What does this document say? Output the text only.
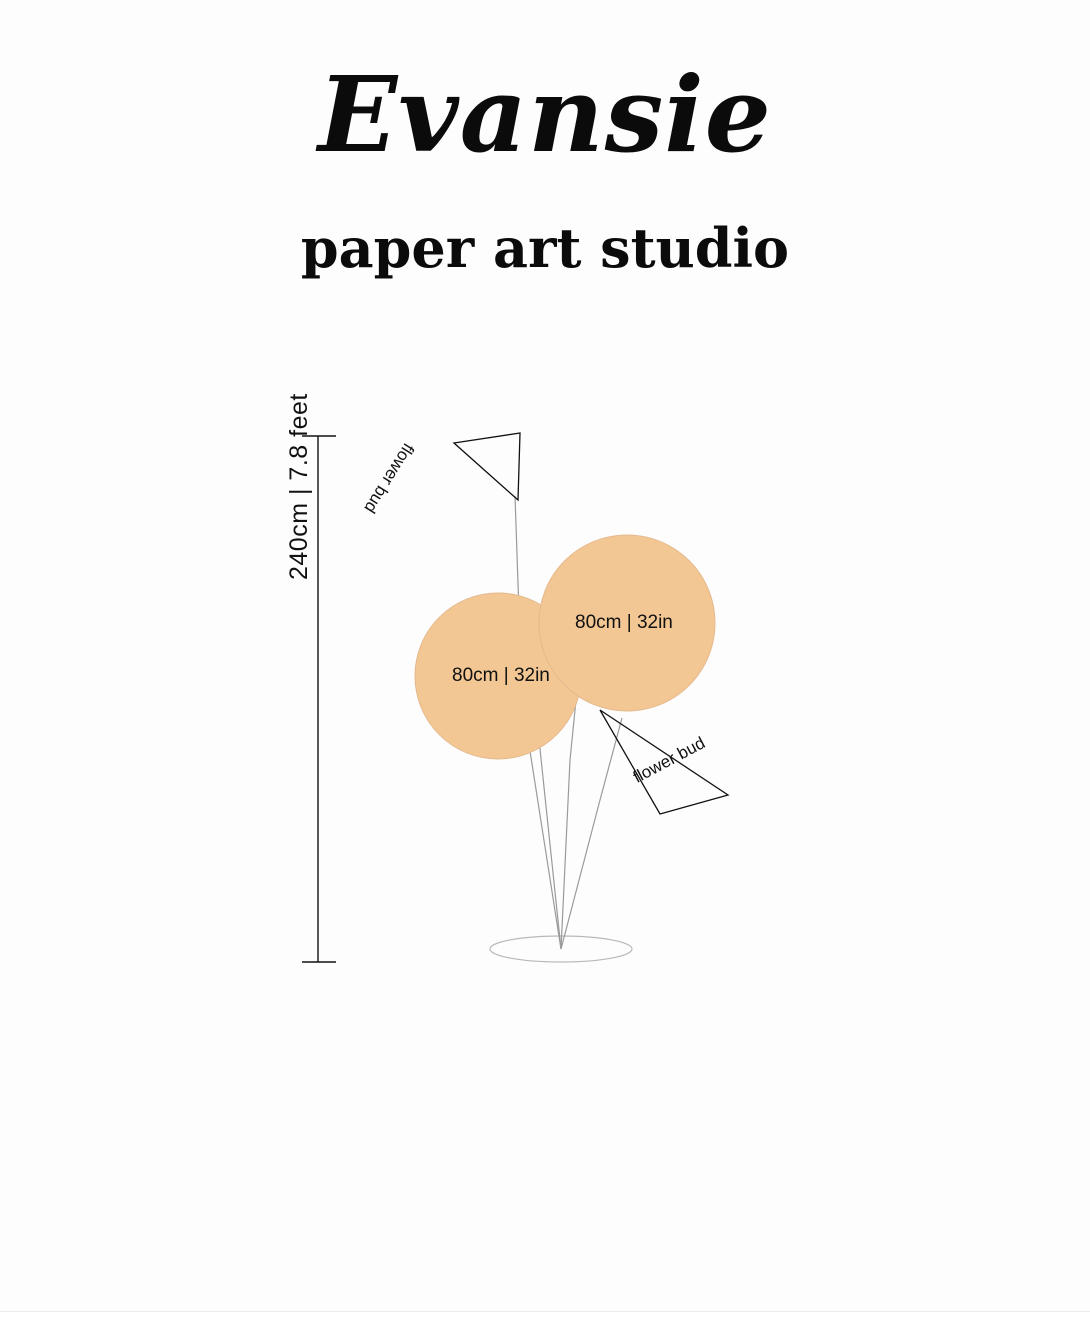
Evansie
paper art studio
240cm | 7.8 feet
80cm | 32in
80cm | 32in
flower bud
flower bud
